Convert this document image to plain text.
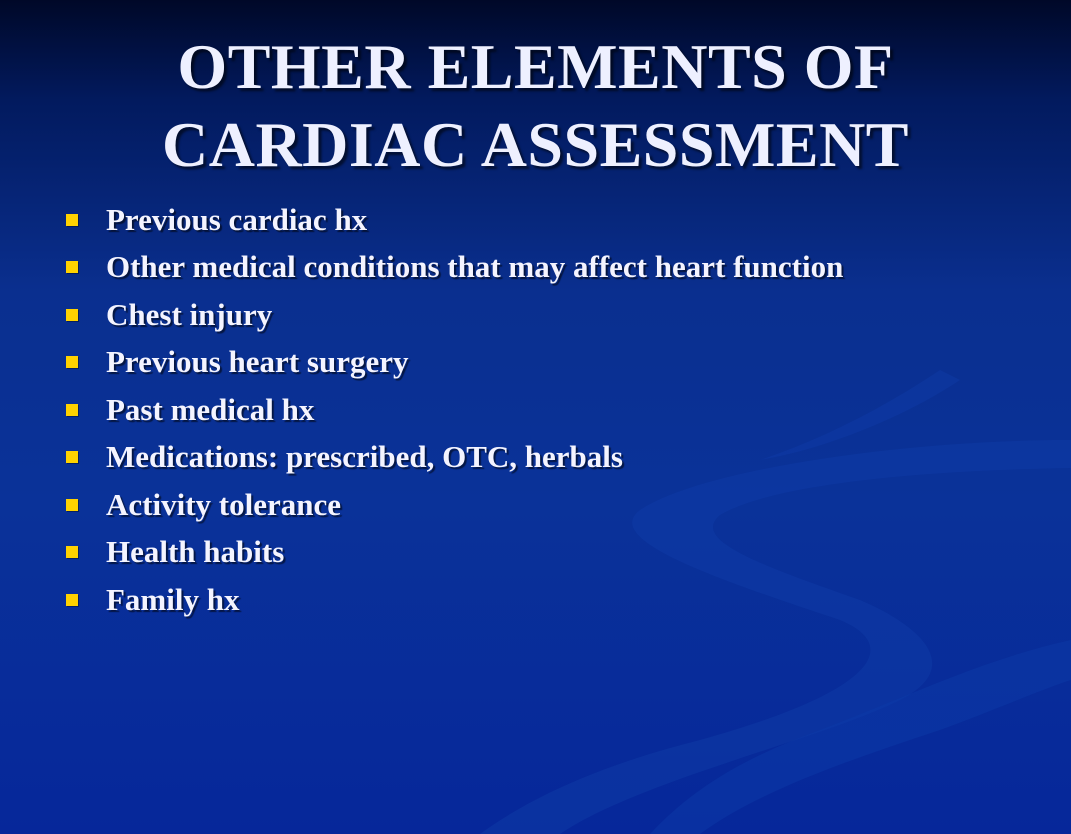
OTHER ELEMENTS OF
CARDIAC ASSESSMENT
Previous cardiac hx
Other medical conditions that may affect heart function
Chest injury
Previous heart surgery
Past medical hx
Medications: prescribed, OTC, herbals
Activity tolerance
Health habits
Family hx
